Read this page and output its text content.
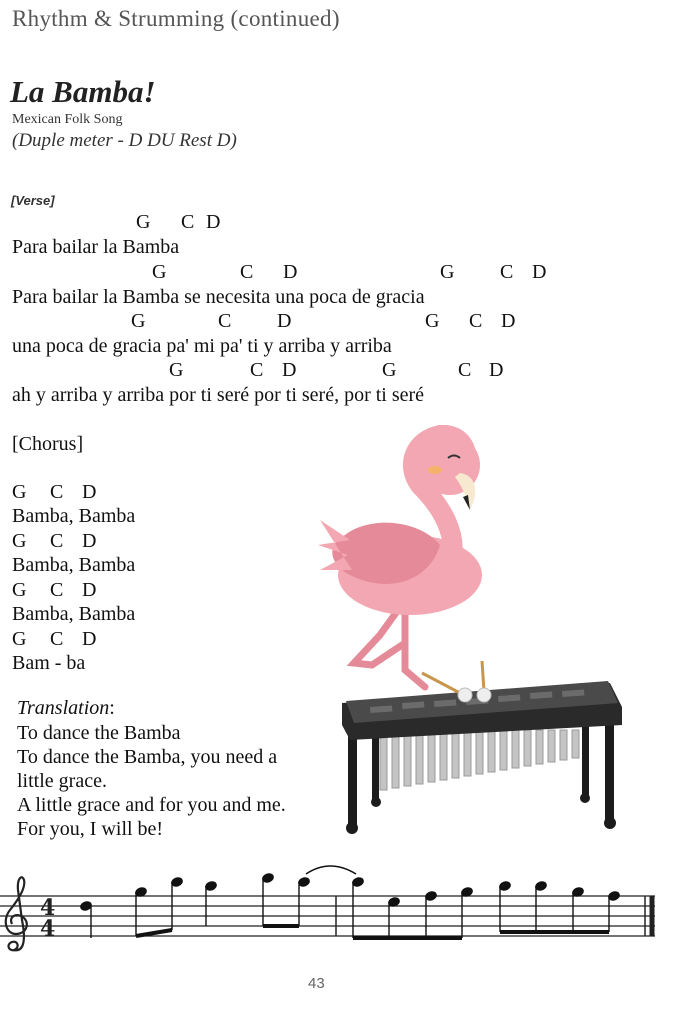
Rhythm & Strumming (continued)
La Bamba!
Mexican Folk Song
(Duple meter - D DU Rest D)
[Verse]
G C D
Para bailar la Bamba
G	C D	G C D
Para bailar la Bamba se necesita una poca de gracia
G	C D	G C D
una poca de gracia pa' mi pa' ti y arriba y arriba
G	C D	G	C D
ah y arriba y arriba por ti seré por ti seré, por ti seré
[Chorus]
G C D
Bamba, Bamba
G C D
Bamba, Bamba
G C D
Bamba, Bamba
G C D
Bam - ba
Translation:
To dance the Bamba
To dance the Bamba, you need a
little grace.
A little grace and for you and me.
For you, I will be!
4
4
43
